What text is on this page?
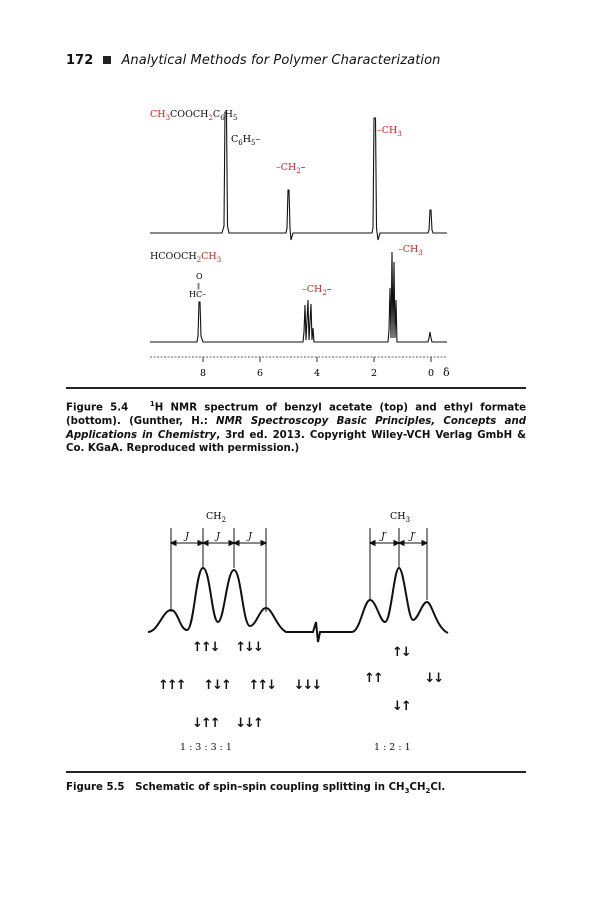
172 Analytical Methods for Polymer Characterization
8	6	4	2	0 δ
$CH_3COOCH_2C_6H_5$
$C_6H_5-$
$-CH_2-$
$-CH_3$
$HCOOCH_2CH_3$
O
‖
HC–	$-CH_2-$
$-CH_3$
$CH_2$	$CH_3$
J	J	J	J′ J′
↑↑↓ ↑↓↓
↑↑↑ ↑↓↑ ↑↑↓ ↓↓↓
↓↑↑ ↓↓↑
↑↓
↑↑	↓↓
↓↑
1 : 3 : 3 : 1	1 : 2 : 1
Figure 5.4	$^1$H NMR spectrum of benzyl acetate (top) and ethyl formate (bottom). (Gunther, H.: NMR Spectroscopy Basic Principles, Concepts and Applications in Chemistry, 3rd ed. 2013. Copyright Wiley-VCH Verlag GmbH & Co. KGaA. Reproduced with permission.)
Figure 5.5 Schematic of spin–spin coupling splitting in $CH_3CH_2Cl$.
